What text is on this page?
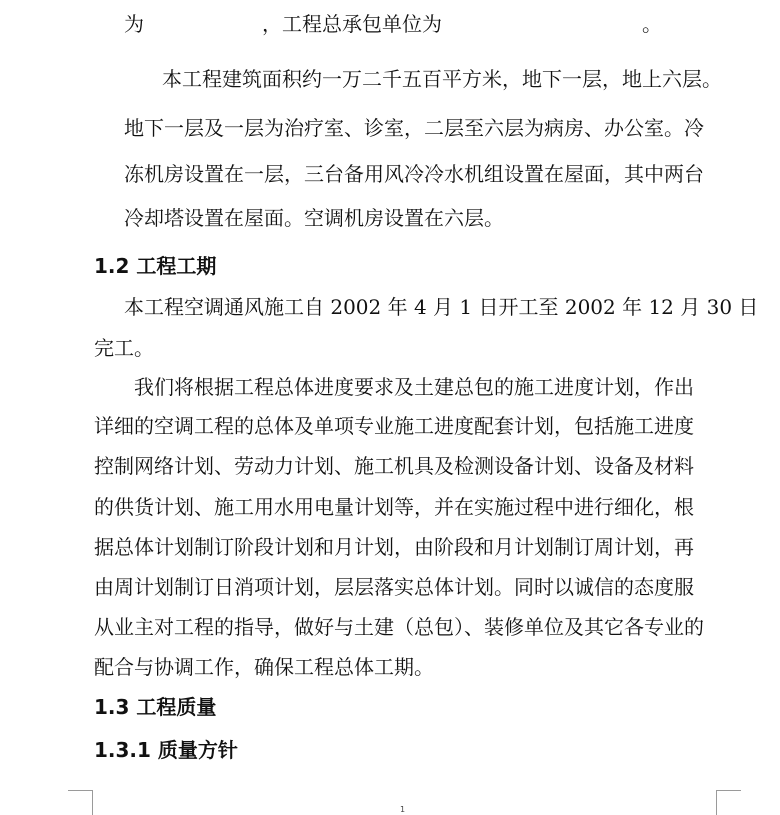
为	，工程总承包单位为	。
本工程建筑面积约一万二千五百平方米，地下一层，地上六层。
地下一层及一层为治疗室、诊室，二层至六层为病房、办公室。冷
冻机房设置在一层，三台备用风冷冷水机组设置在屋面，其中两台
冷却塔设置在屋面。空调机房设置在六层。
1.2 工程工期
本工程空调通风施工自 2002 年 4 月 1 日开工至 2002 年 12 月 30 日
完工。
我们将根据工程总体进度要求及土建总包的施工进度计划，作出
详细的空调工程的总体及单项专业施工进度配套计划，包括施工进度
控制网络计划、劳动力计划、施工机具及检测设备计划、设备及材料
的供货计划、施工用水用电量计划等，并在实施过程中进行细化，根
据总体计划制订阶段计划和月计划，由阶段和月计划制订周计划，再
由周计划制订日消项计划，层层落实总体计划。同时以诚信的态度服
从业主对工程的指导，做好与土建（总包）、装修单位及其它各专业的
配合与协调工作，确保工程总体工期。
1.3 工程质量
1.3.1 质量方针
1
